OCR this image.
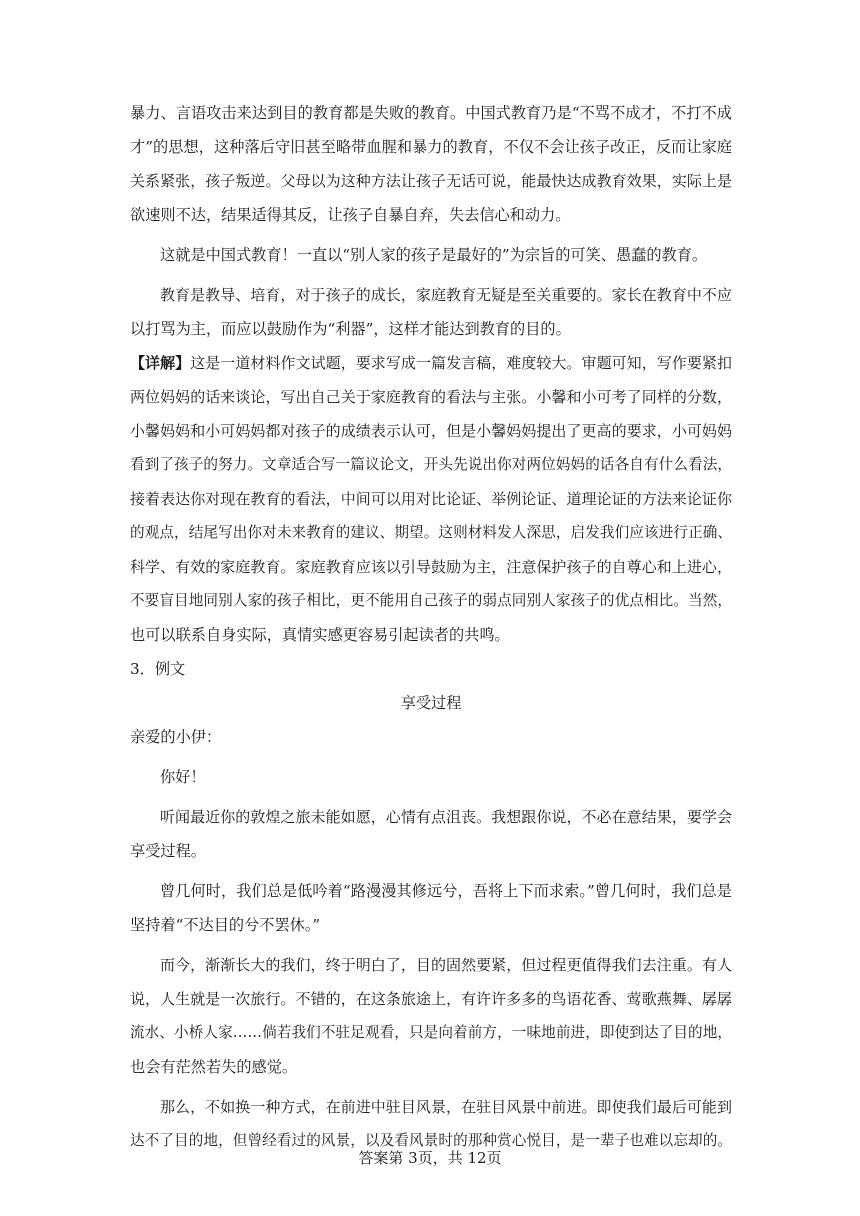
暴力、言语攻击来达到目的教育都是失败的教育。中国式教育乃是“不骂不成才，不打不成
才”的思想，这种落后守旧甚至略带血腥和暴力的教育，不仅不会让孩子改正，反而让家庭
关系紧张，孩子叛逆。父母以为这种方法让孩子无话可说，能最快达成教育效果，实际上是
欲速则不达，结果适得其反，让孩子自暴自弃，失去信心和动力。
这就是中国式教育！一直以“别人家的孩子是最好的”为宗旨的可笑、愚蠢的教育。
教育是教导、培育，对于孩子的成长，家庭教育无疑是至关重要的。家长在教育中不应
以打骂为主，而应以鼓励作为“利器”，这样才能达到教育的目的。
【详解】这是一道材料作文试题，要求写成一篇发言稿，难度较大。审题可知，写作要紧扣
两位妈妈的话来谈论，写出自己关于家庭教育的看法与主张。小馨和小可考了同样的分数，
小馨妈妈和小可妈妈都对孩子的成绩表示认可，但是小馨妈妈提出了更高的要求，小可妈妈
看到了孩子的努力。文章适合写一篇议论文，开头先说出你对两位妈妈的话各自有什么看法，
接着表达你对现在教育的看法，中间可以用对比论证、举例论证、道理论证的方法来论证你
的观点，结尾写出你对未来教育的建议、期望。这则材料发人深思，启发我们应该进行正确、
科学、有效的家庭教育。家庭教育应该以引导鼓励为主，注意保护孩子的自尊心和上进心，
不要盲目地同别人家的孩子相比，更不能用自己孩子的弱点同别人家孩子的优点相比。当然，
也可以联系自身实际，真情实感更容易引起读者的共鸣。
3．例文
享受过程
亲爱的小伊：
你好！
听闻最近你的敦煌之旅未能如愿，心情有点沮丧。我想跟你说，不必在意结果，要学会
享受过程。
曾几何时，我们总是低吟着“路漫漫其修远兮，吾将上下而求索。”曾几何时，我们总是
坚持着“不达目的兮不罢休。”
而今，渐渐长大的我们，终于明白了，目的固然要紧，但过程更值得我们去注重。有人
说，人生就是一次旅行。不错的，在这条旅途上，有许许多多的鸟语花香、莺歌燕舞、孱孱
流水、小桥人家……倘若我们不驻足观看，只是向着前方，一味地前进，即使到达了目的地，
也会有茫然若失的感觉。
那么，不如换一种方式，在前进中驻目风景，在驻目风景中前进。即使我们最后可能到
达不了目的地，但曾经看过的风景，以及看风景时的那种赏心悦目，是一辈子也难以忘却的。
答案第 3页，共 12页
